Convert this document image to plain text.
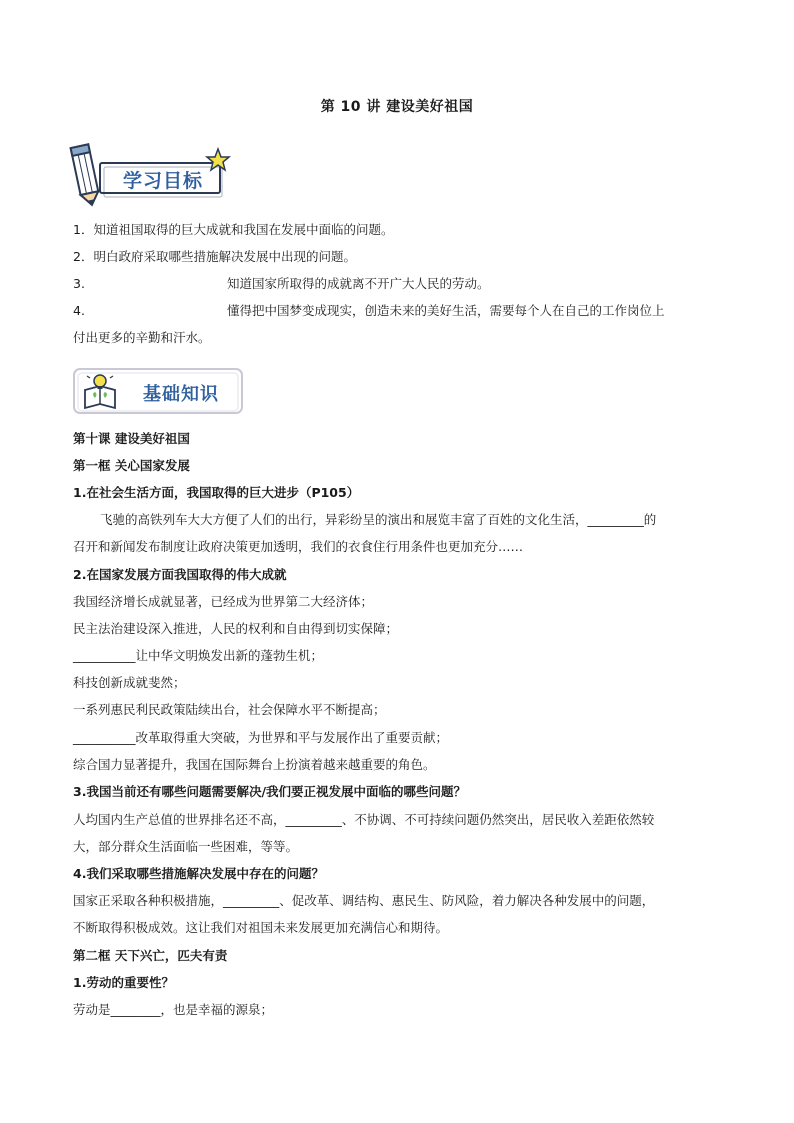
第 10 讲 建设美好祖国
学习目标
1．知道祖国取得的巨大成就和我国在发展中面临的问题。
2．明白政府采取哪些措施解决发展中出现的问题。
3.	知道国家所取得的成就离不开广大人民的劳动。
4.	懂得把中国梦变成现实，创造未来的美好生活，需要每个人在自己的工作岗位上
付出更多的辛勤和汗水。
基础知识
第十课 建设美好祖国
第一框 关心国家发展
1.在社会生活方面，我国取得的巨大进步（P105）
飞驰的高铁列车大大方便了人们的出行，异彩纷呈的演出和展览丰富了百姓的文化生活，_________的
召开和新闻发布制度让政府决策更加透明，我们的衣食住行用条件也更加充分……
2.在国家发展方面我国取得的伟大成就
我国经济增长成就显著，已经成为世界第二大经济体；
民主法治建设深入推进，人民的权利和自由得到切实保障；
__________让中华文明焕发出新的蓬勃生机；
科技创新成就斐然；
一系列惠民利民政策陆续出台，社会保障水平不断提高；
__________改革取得重大突破，为世界和平与发展作出了重要贡献；
综合国力显著提升，我国在国际舞台上扮演着越来越重要的角色。
3.我国当前还有哪些问题需要解决/我们要正视发展中面临的哪些问题？
人均国内生产总值的世界排名还不高，_________、不协调、不可持续问题仍然突出，居民收入差距依然较
大，部分群众生活面临一些困难，等等。
4.我们采取哪些措施解决发展中存在的问题？
国家正采取各种积极措施，_________、促改革、调结构、惠民生、防风险，着力解决各种发展中的问题，
不断取得积极成效。这让我们对祖国未来发展更加充满信心和期待。
第二框 天下兴亡，匹夫有责
1.劳动的重要性？
劳动是________，也是幸福的源泉；
